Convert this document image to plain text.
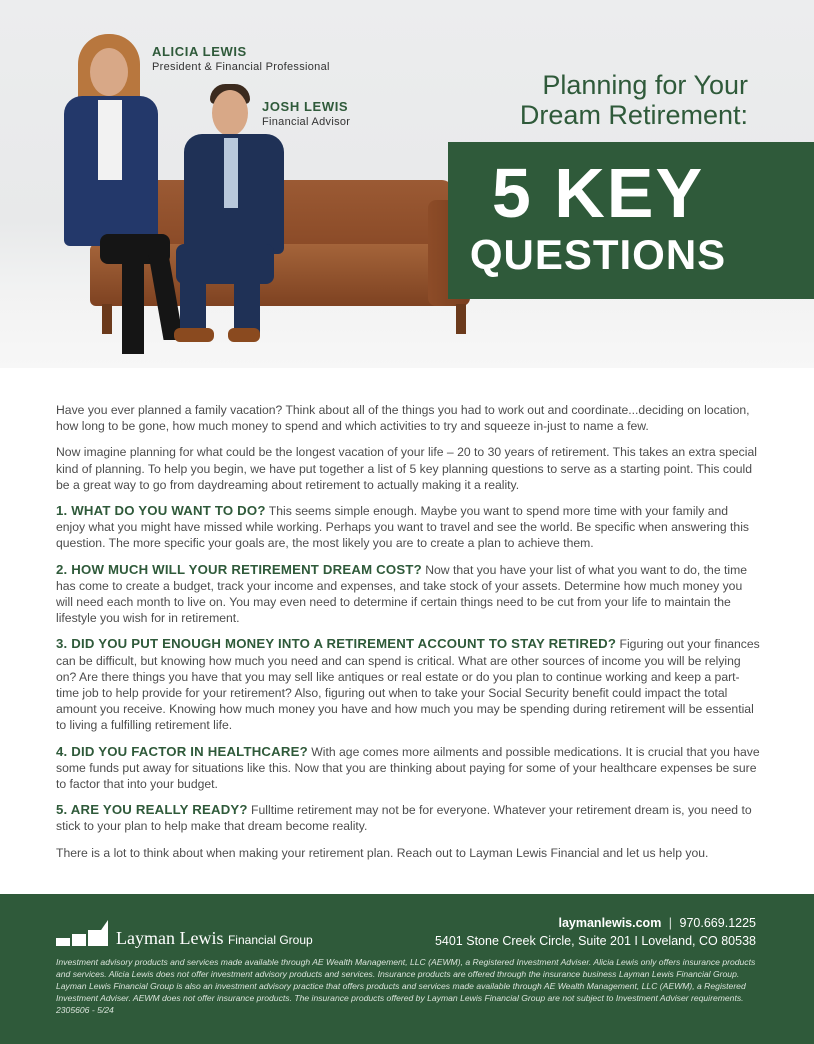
ALICIA LEWIS
President & Financial Professional
JOSH LEWIS
Financial Advisor
Planning for Your
Dream Retirement:
5 KEY
QUESTIONS

Have you ever planned a family vacation? Think about all of the things you had to work out and coordinate...deciding on location, how long to be gone, how much money to spend and which activities to try and squeeze in-just to name a few.

Now imagine planning for what could be the longest vacation of your life – 20 to 30 years of retirement. This takes an extra special kind of planning. To help you begin, we have put together a list of 5 key planning questions to serve as a starting point. This could be a great way to go from daydreaming about retirement to actually making it a reality.

1. WHAT DO YOU WANT TO DO? This seems simple enough. Maybe you want to spend more time with your family and enjoy what you might have missed while working. Perhaps you want to travel and see the world. Be specific when answering this question. The more specific your goals are, the most likely you are to create a plan to achieve them.

2. HOW MUCH WILL YOUR RETIREMENT DREAM COST? Now that you have your list of what you want to do, the time has come to create a budget, track your income and expenses, and take stock of your assets. Determine how much money you will need each month to live on. You may even need to determine if certain things need to be cut from your life to maintain the lifestyle you wish for in retirement.

3. DID YOU PUT ENOUGH MONEY INTO A RETIREMENT ACCOUNT TO STAY RETIRED? Figuring out your finances can be difficult, but knowing how much you need and can spend is critical. What are other sources of income you will be relying on? Are there things you have that you may sell like antiques or real estate or do you plan to continue working and keep a part-time job to help provide for your retirement? Also, figuring out when to take your Social Security benefit could impact the total amount you receive. Knowing how much money you have and how much you may be spending during retirement will be essential to living a fulfilling retirement life.

4. DID YOU FACTOR IN HEALTHCARE? With age comes more ailments and possible medications. It is crucial that you have some funds put away for situations like this. Now that you are thinking about paying for some of your healthcare expenses be sure to factor that into your budget.

5. ARE YOU REALLY READY? Fulltime retirement may not be for everyone. Whatever your retirement dream is, you need to stick to your plan to help make that dream become reality.

There is a lot to think about when making your retirement plan. Reach out to Layman Lewis Financial and let us help you.

Layman Lewis Financial Group
laymanlewis.com | 970.669.1225
5401 Stone Creek Circle, Suite 201 I Loveland, CO 80538
Investment advisory products and services made available through AE Wealth Management, LLC (AEWM), a Registered Investment Adviser. Alicia Lewis only offers insurance products and services. Alicia Lewis does not offer investment advisory products and services. Insurance products are offered through the insurance business Layman Lewis Financial Group. Layman Lewis Financial Group is also an investment advisory practice that offers products and services made available through AE Wealth Management, LLC (AEWM), a Registered Investment Adviser. AEWM does not offer insurance products. The insurance products offered by Layman Lewis Financial Group are not subject to Investment Adviser requirements. 2305606 - 5/24
